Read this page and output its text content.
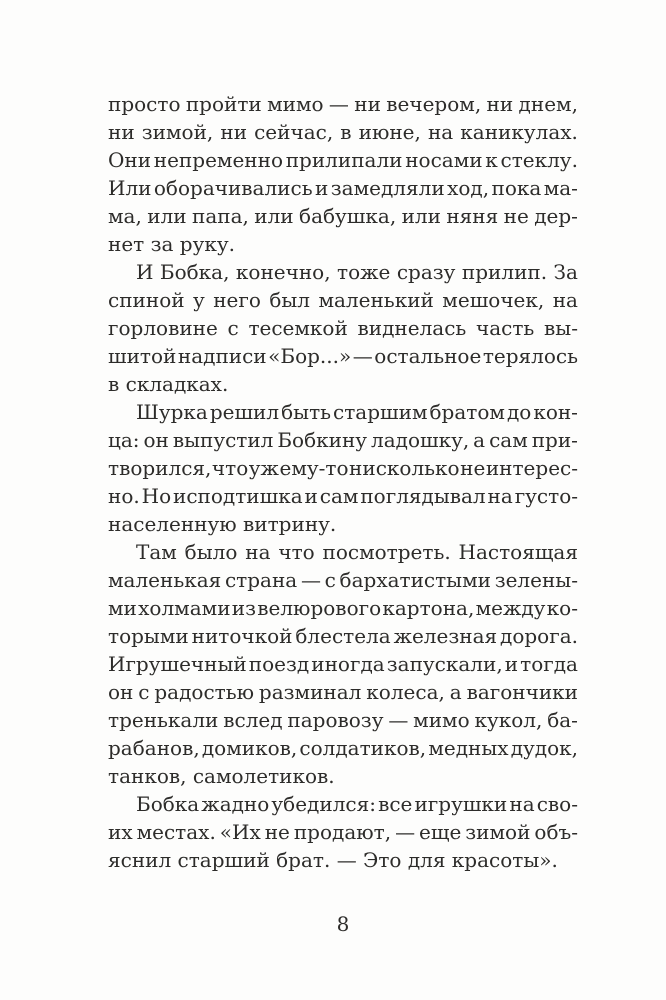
просто пройти мимо — ни вечером, ни днем,
ни зимой, ни сейчас, в июне, на каникулах.
Они непременно прилипали носами к стеклу.
Или оборачивались и замедляли ход, пока ма-
ма, или папа, или бабушка, или няня не дер-
нет за руку.
И Бобка, конечно, тоже сразу прилип. За
спиной у него был маленький мешочек, на
горловине с тесемкой виднелась часть вы-
шитой надписи «Бор...» — остальное терялось
в складках.
Шурка решил быть старшим братом до кон-
ца: он выпустил Бобкину ладошку, а сам при-
творился, что уж ему-то нисколько не интерес-
но. Но исподтишка и сам поглядывал на густо-
населенную витрину.
Там было на что посмотреть. Настоящая
маленькая страна — с бархатистыми зелены-
ми холмами из велюрового картона, между ко-
торыми ниточкой блестела железная дорога.
Игрушечный поезд иногда запускали, и тогда
он с радостью разминал колеса, а вагончики
тренькали вслед паровозу — мимо кукол, ба-
рабанов, домиков, солдатиков, медных дудок,
танков, самолетиков.
Бобка жадно убедился: все игрушки на сво-
их местах. «Их не продают, — еще зимой объ-
яснил старший брат. — Это для красоты».
8
